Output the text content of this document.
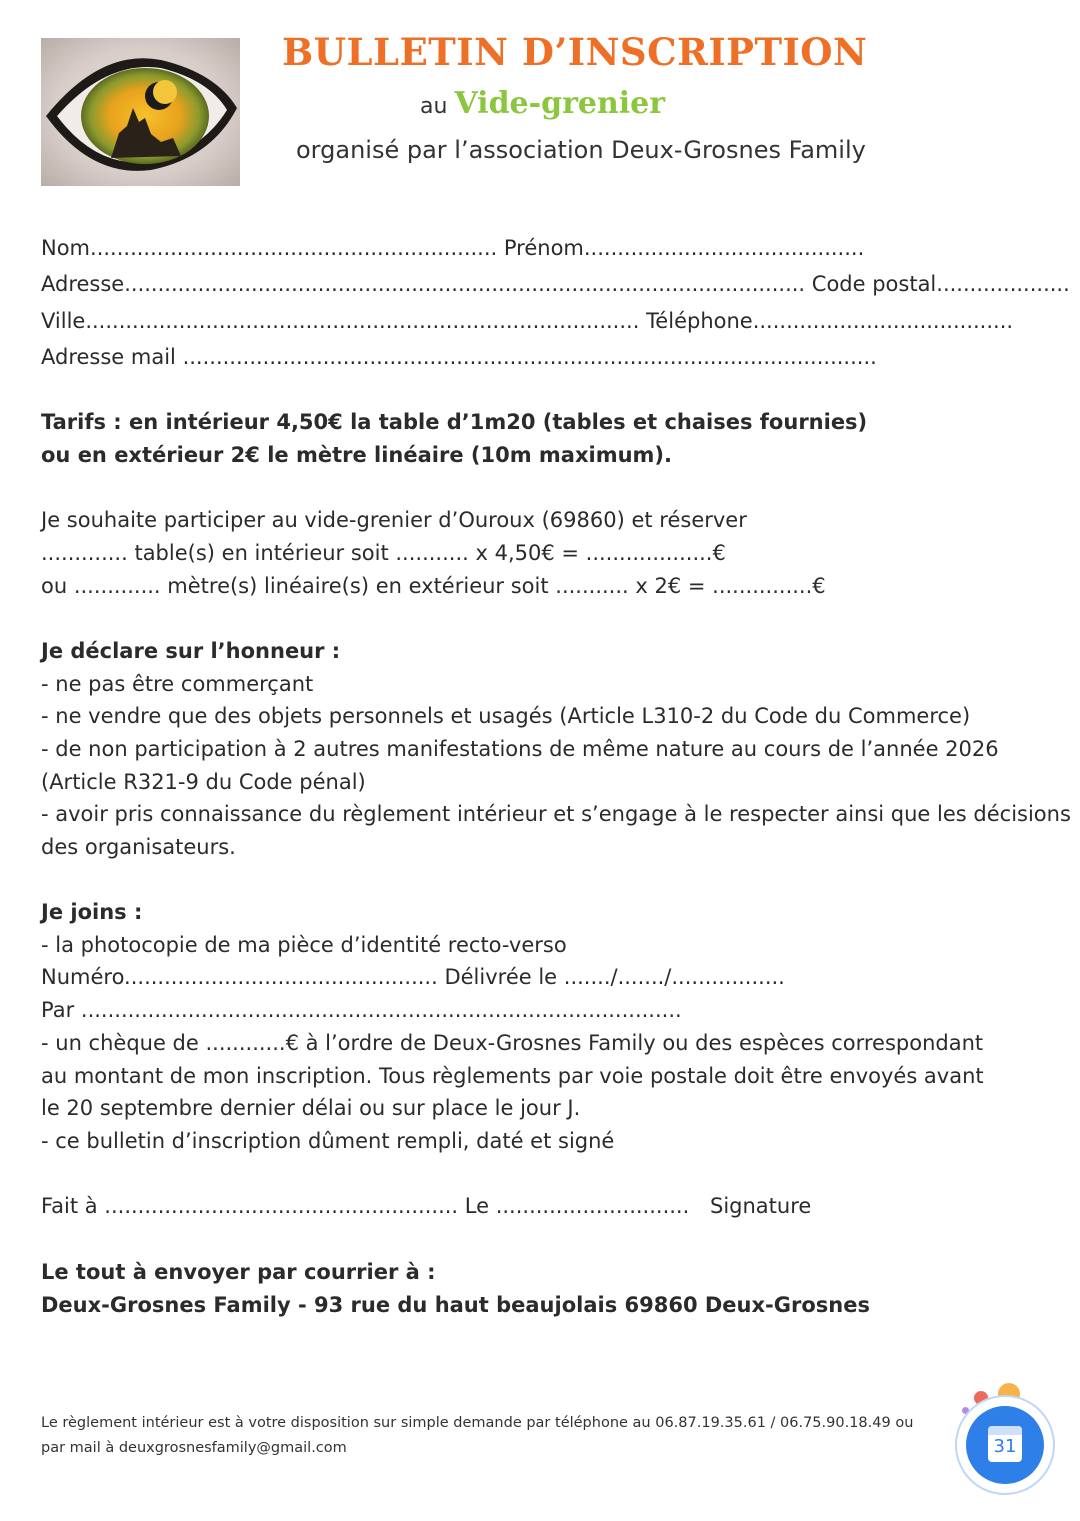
BULLETIN D’INSCRIPTION
au Vide-grenier
organisé par l’association Deux-Grosnes Family
Nom............................................................. Prénom..........................................
Adresse...................................................................................................... Code postal....................
Ville................................................................................... Téléphone.......................................
Adresse mail ........................................................................................................
Tarifs : en intérieur 4,50€ la table d’1m20 (tables et chaises fournies)
ou en extérieur 2€ le mètre linéaire (10m maximum).
Je souhaite participer au vide-grenier d’Ouroux (69860) et réserver
............. table(s) en intérieur soit ........... x 4,50€ = ...................€
ou ............. mètre(s) linéaire(s) en extérieur soit ........... x 2€ = ...............€
Je déclare sur l’honneur :
- ne pas être commerçant
- ne vendre que des objets personnels et usagés (Article L310-2 du Code du Commerce)
- de non participation à 2 autres manifestations de même nature au cours de l’année 2026
(Article R321-9 du Code pénal)
- avoir pris connaissance du règlement intérieur et s’engage à le respecter ainsi que les décisions
des organisateurs.
Je joins :
- la photocopie de ma pièce d’identité recto-verso
Numéro............................................... Délivrée le ......./......./.................
Par ..........................................................................................
- un chèque de ............€ à l’ordre de Deux-Grosnes Family ou des espèces correspondant
au montant de mon inscription. Tous règlements par voie postale doit être envoyés avant
le 20 septembre dernier délai ou sur place le jour J.
- ce bulletin d’inscription dûment rempli, daté et signé
Fait à ..................................................... Le ............................. Signature
Le tout à envoyer par courrier à :
Deux-Grosnes Family - 93 rue du haut beaujolais 69860 Deux-Grosnes
Le règlement intérieur est à votre disposition sur simple demande par téléphone au 06.87.19.35.61 / 06.75.90.18.49 ou
par mail à deuxgrosnesfamily@gmail.com	31
